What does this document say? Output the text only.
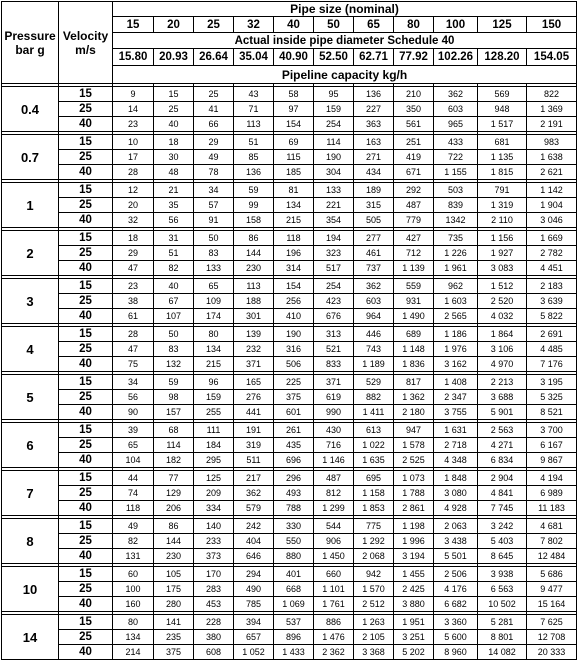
Pressure bar g	Velocity m/s	Pipe size (nominal)										
		15	20	25	32	40	50	65	80	100	125	150
		Actual inside pipe diameter Schedule 40										
		15.80	20.93	26.64	35.04	40.90	52.50	62.71	77.92	102.26	128.20	154.05
		Pipeline capacity kg/h										

0.4	15	9	15	25	43	58	95	136	210	362	569	822
	25	14	25	41	71	97	159	227	350	603	948	1 369
	40	23	40	66	113	154	254	363	561	965	1 517	2 191

0.7	15	10	18	29	51	69	114	163	251	433	681	983
	25	17	30	49	85	115	190	271	419	722	1 135	1 638
	40	28	48	78	136	185	304	434	671	1 155	1 815	2 621

1	15	12	21	34	59	81	133	189	292	503	791	1 142
	25	20	35	57	99	134	221	315	487	839	1 319	1 904
	40	32	56	91	158	215	354	505	779	1342	2 110	3 046

2	15	18	31	50	86	118	194	277	427	735	1 156	1 669
	25	29	51	83	144	196	323	461	712	1 226	1 927	2 782
	40	47	82	133	230	314	517	737	1 139	1 961	3 083	4 451

3	15	23	40	65	113	154	254	362	559	962	1 512	2 183
	25	38	67	109	188	256	423	603	931	1 603	2 520	3 639
	40	61	107	174	301	410	676	964	1 490	2 565	4 032	5 822

4	15	28	50	80	139	190	313	446	689	1 186	1 864	2 691
	25	47	83	134	232	316	521	743	1 148	1 976	3 106	4 485
	40	75	132	215	371	506	833	1 189	1 836	3 162	4 970	7 176

5	15	34	59	96	165	225	371	529	817	1 408	2 213	3 195
	25	56	98	159	276	375	619	882	1 362	2 347	3 688	5 325
	40	90	157	255	441	601	990	1 411	2 180	3 755	5 901	8 521

6	15	39	68	111	191	261	430	613	947	1 631	2 563	3 700
	25	65	114	184	319	435	716	1 022	1 578	2 718	4 271	6 167
	40	104	182	295	511	696	1 146	1 635	2 525	4 348	6 834	9 867

7	15	44	77	125	217	296	487	695	1 073	1 848	2 904	4 194
	25	74	129	209	362	493	812	1 158	1 788	3 080	4 841	6 989
	40	118	206	334	579	788	1 299	1 853	2 861	4 928	7 745	11 183

8	15	49	86	140	242	330	544	775	1 198	2 063	3 242	4 681
	25	82	144	233	404	550	906	1 292	1 996	3 438	5 403	7 802
	40	131	230	373	646	880	1 450	2 068	3 194	5 501	8 645	12 484

10	15	60	105	170	294	401	660	942	1 455	2 506	3 938	5 686
	25	100	175	283	490	668	1 101	1 570	2 425	4 176	6 563	9 477
	40	160	280	453	785	1 069	1 761	2 512	3 880	6 682	10 502	15 164

14	15	80	141	228	394	537	886	1 263	1 951	3 360	5 281	7 625
	25	134	235	380	657	896	1 476	2 105	3 251	5 600	8 801	12 708
	40	214	375	608	1 052	1 433	2 362	3 368	5 202	8 960	14 082	20 333
